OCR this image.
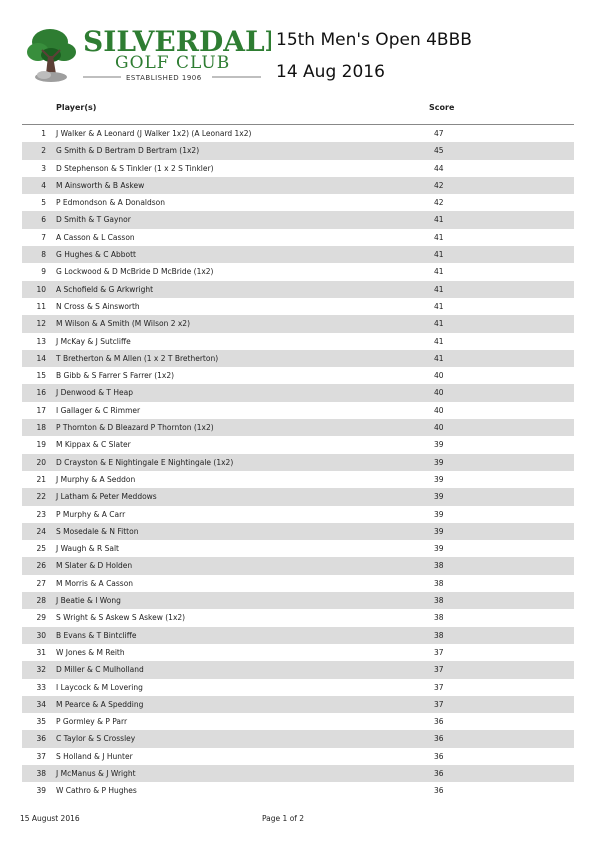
SILVERDALE
GOLF CLUB
ESTABLISHED 1906
15th Men's Open 4BBB
14 Aug 2016
Player(s)	Score
1 J Walker & A Leonard (J Walker 1x2) (A Leonard 1x2)	47
2 G Smith & D Bertram D Bertram (1x2)	45
3 D Stephenson & S Tinkler (1 x 2 S Tinkler)	44
4 M Ainsworth & B Askew	42
5 P Edmondson & A Donaldson	42
6 D Smith & T Gaynor	41
7 A Casson & L Casson	41
8 G Hughes & C Abbott	41
9 G Lockwood & D McBride D McBride (1x2)	41
10 A Schofield & G Arkwright	41
11 N Cross & S Ainsworth	41
12 M Wilson & A Smith (M Wilson 2 x2)	41
13 J McKay & J Sutcliffe	41
14 T Bretherton & M Allen (1 x 2 T Bretherton)	41
15 B Gibb & S Farrer S Farrer (1x2)	40
16 J Denwood & T Heap	40
17 I Gallager & C Rimmer	40
18 P Thornton & D Bleazard P Thornton (1x2)	40
19 M Kippax & C Slater	39
20 D Crayston & E Nightingale E Nightingale (1x2)	39
21 J Murphy & A Seddon	39
22 J Latham & Peter Meddows	39
23 P Murphy & A Carr	39
24 S Mosedale & N Fitton	39
25 J Waugh & R Salt	39
26 M Slater & D Holden	38
27 M Morris & A Casson	38
28 J Beatie & I Wong	38
29 S Wright & S Askew S Askew (1x2)	38
30 B Evans & T Bintcliffe	38
31 W Jones & M Reith	37
32 D Miller & C Mulholland	37
33 I Laycock & M Lovering	37
34 M Pearce & A Spedding	37
35 P Gormley & P Parr	36
36 C Taylor & S Crossley	36
37 S Holland & J Hunter	36
38 J McManus & J Wright	36
39 W Cathro & P Hughes	36
15 August 2016	Page 1 of 2
